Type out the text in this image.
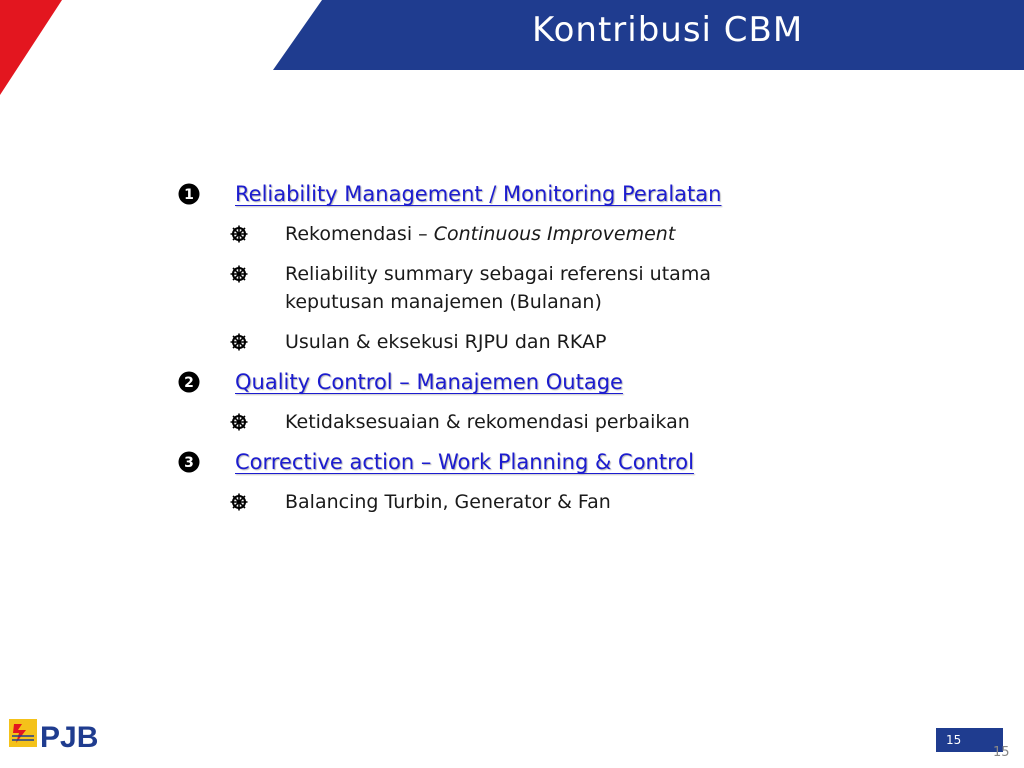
Kontribusi CBM
1 Reliability Management / Monitoring Peralatan
Rekomendasi – Continuous Improvement
Reliability summary sebagai referensi utama
keputusan manajemen (Bulanan)
Usulan & eksekusi RJPU dan RKAP
2 Quality Control – Manajemen Outage
Ketidaksesuaian & rekomendasi perbaikan
3 Corrective action – Work Planning & Control
Balancing Turbin, Generator & Fan
PJB	15
15
